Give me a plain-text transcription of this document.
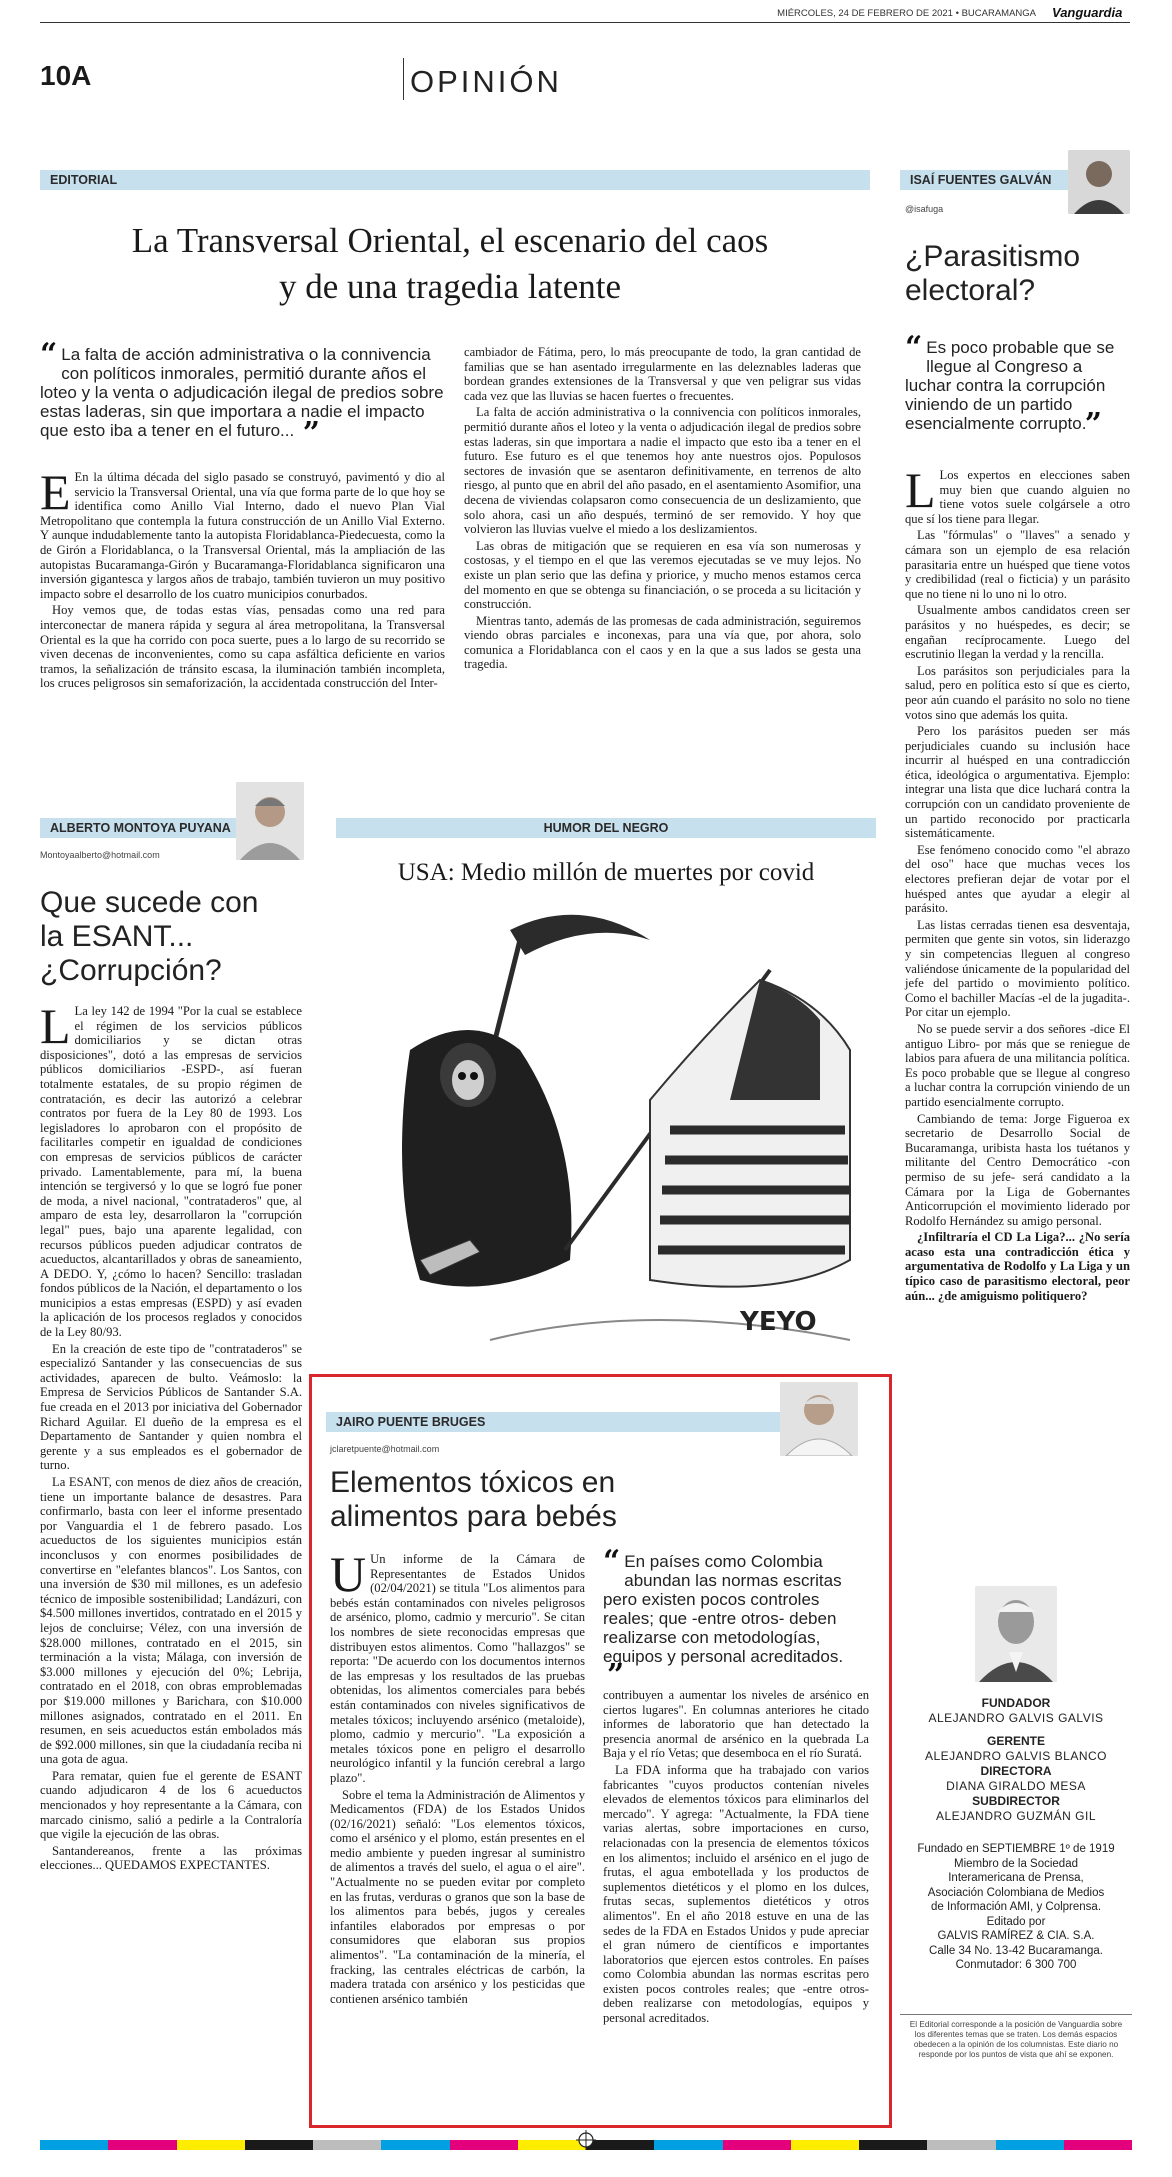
MIÉRCOLES, 24 DE FEBRERO DE 2021 • BUCARAMANGA Vanguardia
10A	OPINIÓN
EDITORIAL
La Transversal Oriental, el escenario del caos
y de una tragedia latente
“ La falta de acción administrativa o la connivencia con políticos inmorales, permitió durante años el loteo y la venta o adjudicación ilegal de predios sobre estas laderas, sin que importara a nadie el impacto que esto iba a tener en el futuro... ”

E En la última década del siglo pasado se construyó, pavimentó y dio al servicio la Transversal Oriental, una vía que forma parte de lo que hoy se identifica como Anillo Vial Interno, dado el nuevo Plan Vial Metropolitano que contempla la futura construcción de un Anillo Vial Externo. Y aunque indudablemente tanto la autopista Floridablanca-Piedecuesta, como la de Girón a Floridablanca, o la Transversal Oriental, más la ampliación de las autopistas Bucaramanga-Girón y Bucaramanga-Floridablanca significaron una inversión gigantesca y largos años de trabajo, también tuvieron un muy positivo impacto sobre el desarrollo de los cuatro municipios conurbados.

Hoy vemos que, de todas estas vías, pensadas como una red para interconectar de manera rápida y segura al área metropolitana, la Transversal Oriental es la que ha corrido con poca suerte, pues a lo largo de su recorrido se viven decenas de inconvenientes, como su capa asfáltica deficiente en varios tramos, la señalización de tránsito escasa, la iluminación también incompleta, los cruces peligrosos sin semaforización, la accidentada construcción del Inter-

cambiador de Fátima, pero, lo más preocupante de todo, la gran cantidad de familias que se han asentado irregularmente en las deleznables laderas que bordean grandes extensiones de la Transversal y que ven peligrar sus vidas cada vez que las lluvias se hacen fuertes o frecuentes.

La falta de acción administrativa o la connivencia con políticos inmorales, permitió durante años el loteo y la venta o adjudicación ilegal de predios sobre estas laderas, sin que importara a nadie el impacto que esto iba a tener en el futuro. Ese futuro es el que tenemos hoy ante nuestros ojos. Populosos sectores de invasión que se asentaron definitivamente, en terrenos de alto riesgo, al punto que en abril del año pasado, en el asentamiento Asomifior, una decena de viviendas colapsaron como consecuencia de un deslizamiento, que solo ahora, casi un año después, terminó de ser removido. Y hoy que volvieron las lluvias vuelve el miedo a los deslizamientos.

Las obras de mitigación que se requieren en esa vía son numerosas y costosas, y el tiempo en el que las veremos ejecutadas se ve muy lejos. No existe un plan serio que las defina y priorice, y mucho menos estamos cerca del momento en que se obtenga su financiación, o se proceda a su licitación y construcción.

Mientras tanto, además de las promesas de cada administración, seguiremos viendo obras parciales e inconexas, para una vía que, por ahora, solo comunica a Floridablanca con el caos y en la que a sus lados se gesta una tragedia.

ISAÍ FUENTES GALVÁN
@isafuga
¿Parasitismo
electoral?
“ Es poco probable que se llegue al Congreso a luchar contra la corrupción viniendo de un partido esencialmente corrupto.
”

L Los expertos en elecciones saben muy bien que cuando alguien no tiene votos suele colgársele a otro que sí los tiene para llegar.

Las "fórmulas" o "llaves" a senado y cámara son un ejemplo de esa relación parasitaria entre un huésped que tiene votos y credibilidad (real o ficticia) y un parásito que no tiene ni lo uno ni lo otro.

Usualmente ambos candidatos creen ser parásitos y no huéspedes, es decir; se engañan recíprocamente. Luego del escrutinio llegan la verdad y la rencilla.

Los parásitos son perjudiciales para la salud, pero en política esto sí que es cierto, peor aún cuando el parásito no solo no tiene votos sino que además los quita.

Pero los parásitos pueden ser más perjudiciales cuando su inclusión hace incurrir al huésped en una contradicción ética, ideológica o argumentativa. Ejemplo: integrar una lista que dice luchará contra la corrupción con un candidato proveniente de un partido reconocido por practicarla sistemáticamente.

Ese fenómeno conocido como "el abrazo del oso" hace que muchas veces los electores prefieran dejar de votar por el huésped antes que ayudar a elegir al parásito.

Las listas cerradas tienen esa desventaja, permiten que gente sin votos, sin liderazgo y sin competencias lleguen al congreso valiéndose únicamente de la popularidad del jefe del partido o movimiento político. Como el bachiller Macías -el de la jugadita-. Por citar un ejemplo.

No se puede servir a dos señores -dice El antiguo Libro- por más que se reniegue de labios para afuera de una militancia política. Es poco probable que se llegue al congreso a luchar contra la corrupción viniendo de un partido esencialmente corrupto.

Cambiando de tema: Jorge Figueroa ex secretario de Desarrollo Social de Bucaramanga, uribista hasta los tuétanos y militante del Centro Democrático -con permiso de su jefe- será candidato a la Cámara por la Liga de Gobernantes Anticorrupción el movimiento liderado por Rodolfo Hernández su amigo personal.

¿Infiltraría el CD La Liga?... ¿No sería acaso esta una contradicción ética y argumentativa de Rodolfo y La Liga y un típico caso de parasitismo electoral, peor aún... ¿de amiguismo politiquero?

ALBERTO MONTOYA PUYANA
Montoyaalberto@hotmail.com
Que sucede con
la ESANT...
¿Corrupción?

L La ley 142 de 1994 "Por la cual se establece el régimen de los servicios públicos domiciliarios y se dictan otras disposiciones", dotó a las empresas de servicios públicos domiciliarios -ESPD-, así fueran totalmente estatales, de su propio régimen de contratación, es decir las autorizó a celebrar contratos por fuera de la Ley 80 de 1993. Los legisladores lo aprobaron con el propósito de facilitarles competir en igualdad de condiciones con empresas de servicios públicos de carácter privado. Lamentablemente, para mí, la buena intención se tergiversó y lo que se logró fue poner de moda, a nivel nacional, "contrataderos" que, al amparo de esta ley, desarrollaron la "corrupción legal" pues, bajo una aparente legalidad, con recursos públicos pueden adjudicar contratos de acueductos, alcantarillados y obras de saneamiento, A DEDO. Y, ¿cómo lo hacen? Sencillo: trasladan fondos públicos de la Nación, el departamento o los municipios a estas empresas (ESPD) y así evaden la aplicación de los procesos reglados y conocidos de la Ley 80/93.

En la creación de este tipo de "contrataderos" se especializó Santander y las consecuencias de sus actividades, aparecen de bulto. Veámoslo: la Empresa de Servicios Públicos de Santander S.A. fue creada en el 2013 por iniciativa del Gobernador Richard Aguilar. El dueño de la empresa es el Departamento de Santander y quien nombra el gerente y a sus empleados es el gobernador de turno.

La ESANT, con menos de diez años de creación, tiene un importante balance de desastres. Para confirmarlo, basta con leer el informe presentado por Vanguardia el 1 de febrero pasado. Los acueductos de los siguientes municipios están inconclusos y con enormes posibilidades de convertirse en "elefantes blancos". Los Santos, con una inversión de $30 mil millones, es un adefesio técnico de imposible sostenibilidad; Landázuri, con $4.500 millones invertidos, contratado en el 2015 y lejos de concluirse; Vélez, con una inversión de $28.000 millones, contratado en el 2015, sin terminación a la vista; Málaga, con inversión de $3.000 millones y ejecución del 0%; Lebrija, contratado en el 2018, con obras emproblemadas por $19.000 millones y Barichara, con $10.000 millones asignados, contratado en el 2011. En resumen, en seis acueductos están embolados más de $92.000 millones, sin que la ciudadanía reciba ni una gota de agua.

Para rematar, quien fue el gerente de ESANT cuando adjudicaron 4 de los 6 acueductos mencionados y hoy representante a la Cámara, con marcado cinismo, salió a pedirle a la Contraloría que vigile la ejecución de las obras.

Santandereanos, frente a las próximas elecciones... QUEDAMOS EXPECTANTES.

HUMOR DEL NEGRO
USA: Medio millón de muertes por covid
YEYO
JAIRO PUENTE BRUGES
jclaretpuente@hotmail.com
Elementos tóxicos en
alimentos para bebés

U Un informe de la Cámara de Representantes de Estados Unidos (02/04/2021) se titula "Los alimentos para bebés están contaminados con niveles peligrosos de arsénico, plomo, cadmio y mercurio". Se citan los nombres de siete reconocidas empresas que distribuyen estos alimentos. Como "hallazgos" se reporta: "De acuerdo con los documentos internos de las empresas y los resultados de las pruebas obtenidas, los alimentos comerciales para bebés están contaminados con niveles significativos de metales tóxicos; incluyendo arsénico (metaloide), plomo, cadmio y mercurio". "La exposición a metales tóxicos pone en peligro el desarrollo neurológico infantil y la función cerebral a largo plazo".

Sobre el tema la Administración de Alimentos y Medicamentos (FDA) de los Estados Unidos (02/16/2021) señaló: "Los elementos tóxicos, como el arsénico y el plomo, están presentes en el medio ambiente y pueden ingresar al suministro de alimentos a través del suelo, el agua o el aire". "Actualmente no se pueden evitar por completo en las frutas, verduras o granos que son la base de los alimentos para bebés, jugos y cereales infantiles elaborados por empresas o por consumidores que elaboran sus propios alimentos". "La contaminación de la minería, el fracking, las centrales eléctricas de carbón, la madera tratada con arsénico y los pesticidas que contienen arsénico también

“ En países como Colombia abundan las normas escritas pero existen pocos controles reales; que -entre otros- deben realizarse con metodologías, equipos y personal acreditados. ”

contribuyen a aumentar los niveles de arsénico en ciertos lugares". En columnas anteriores he citado informes de laboratorio que han detectado la presencia anormal de arsénico en la quebrada La Baja y el río Vetas; que desemboca en el río Suratá.

La FDA informa que ha trabajado con varios fabricantes "cuyos productos contenían niveles elevados de elementos tóxicos para eliminarlos del mercado". Y agrega: "Actualmente, la FDA tiene varias alertas, sobre importaciones en curso, relacionadas con la presencia de elementos tóxicos en los alimentos; incluido el arsénico en el jugo de frutas, el agua embotellada y los productos de suplementos dietéticos y el plomo en los dulces, frutas secas, suplementos dietéticos y otros alimentos". En el año 2018 estuve en una de las sedes de la FDA en Estados Unidos y pude apreciar el gran número de científicos e importantes laboratorios que ejercen estos controles. En países como Colombia abundan las normas escritas pero existen pocos controles reales; que -entre otros- deben realizarse con metodologías, equipos y personal acreditados.

FUNDADOR
ALEJANDRO GALVIS GALVIS
GERENTE
ALEJANDRO GALVIS BLANCO
DIRECTORA
DIANA GIRALDO MESA
SUBDIRECTOR
ALEJANDRO GUZMÁN GIL
Fundado en SEPTIEMBRE 1º de 1919
Miembro de la Sociedad
Interamericana de Prensa,
Asociación Colombiana de Medios
de Información AMI, y Colprensa.
Editado por
GALVIS RAMÍREZ & CIA. S.A.
Calle 34 No. 13-42 Bucaramanga.
Conmutador: 6 300 700
El Editorial corresponde a la posición de Vanguardia sobre los diferentes temas que se traten. Los demás espacios obedecen a la opinión de los columnistas. Este diario no responde por los puntos de vista que ahí se exponen.
